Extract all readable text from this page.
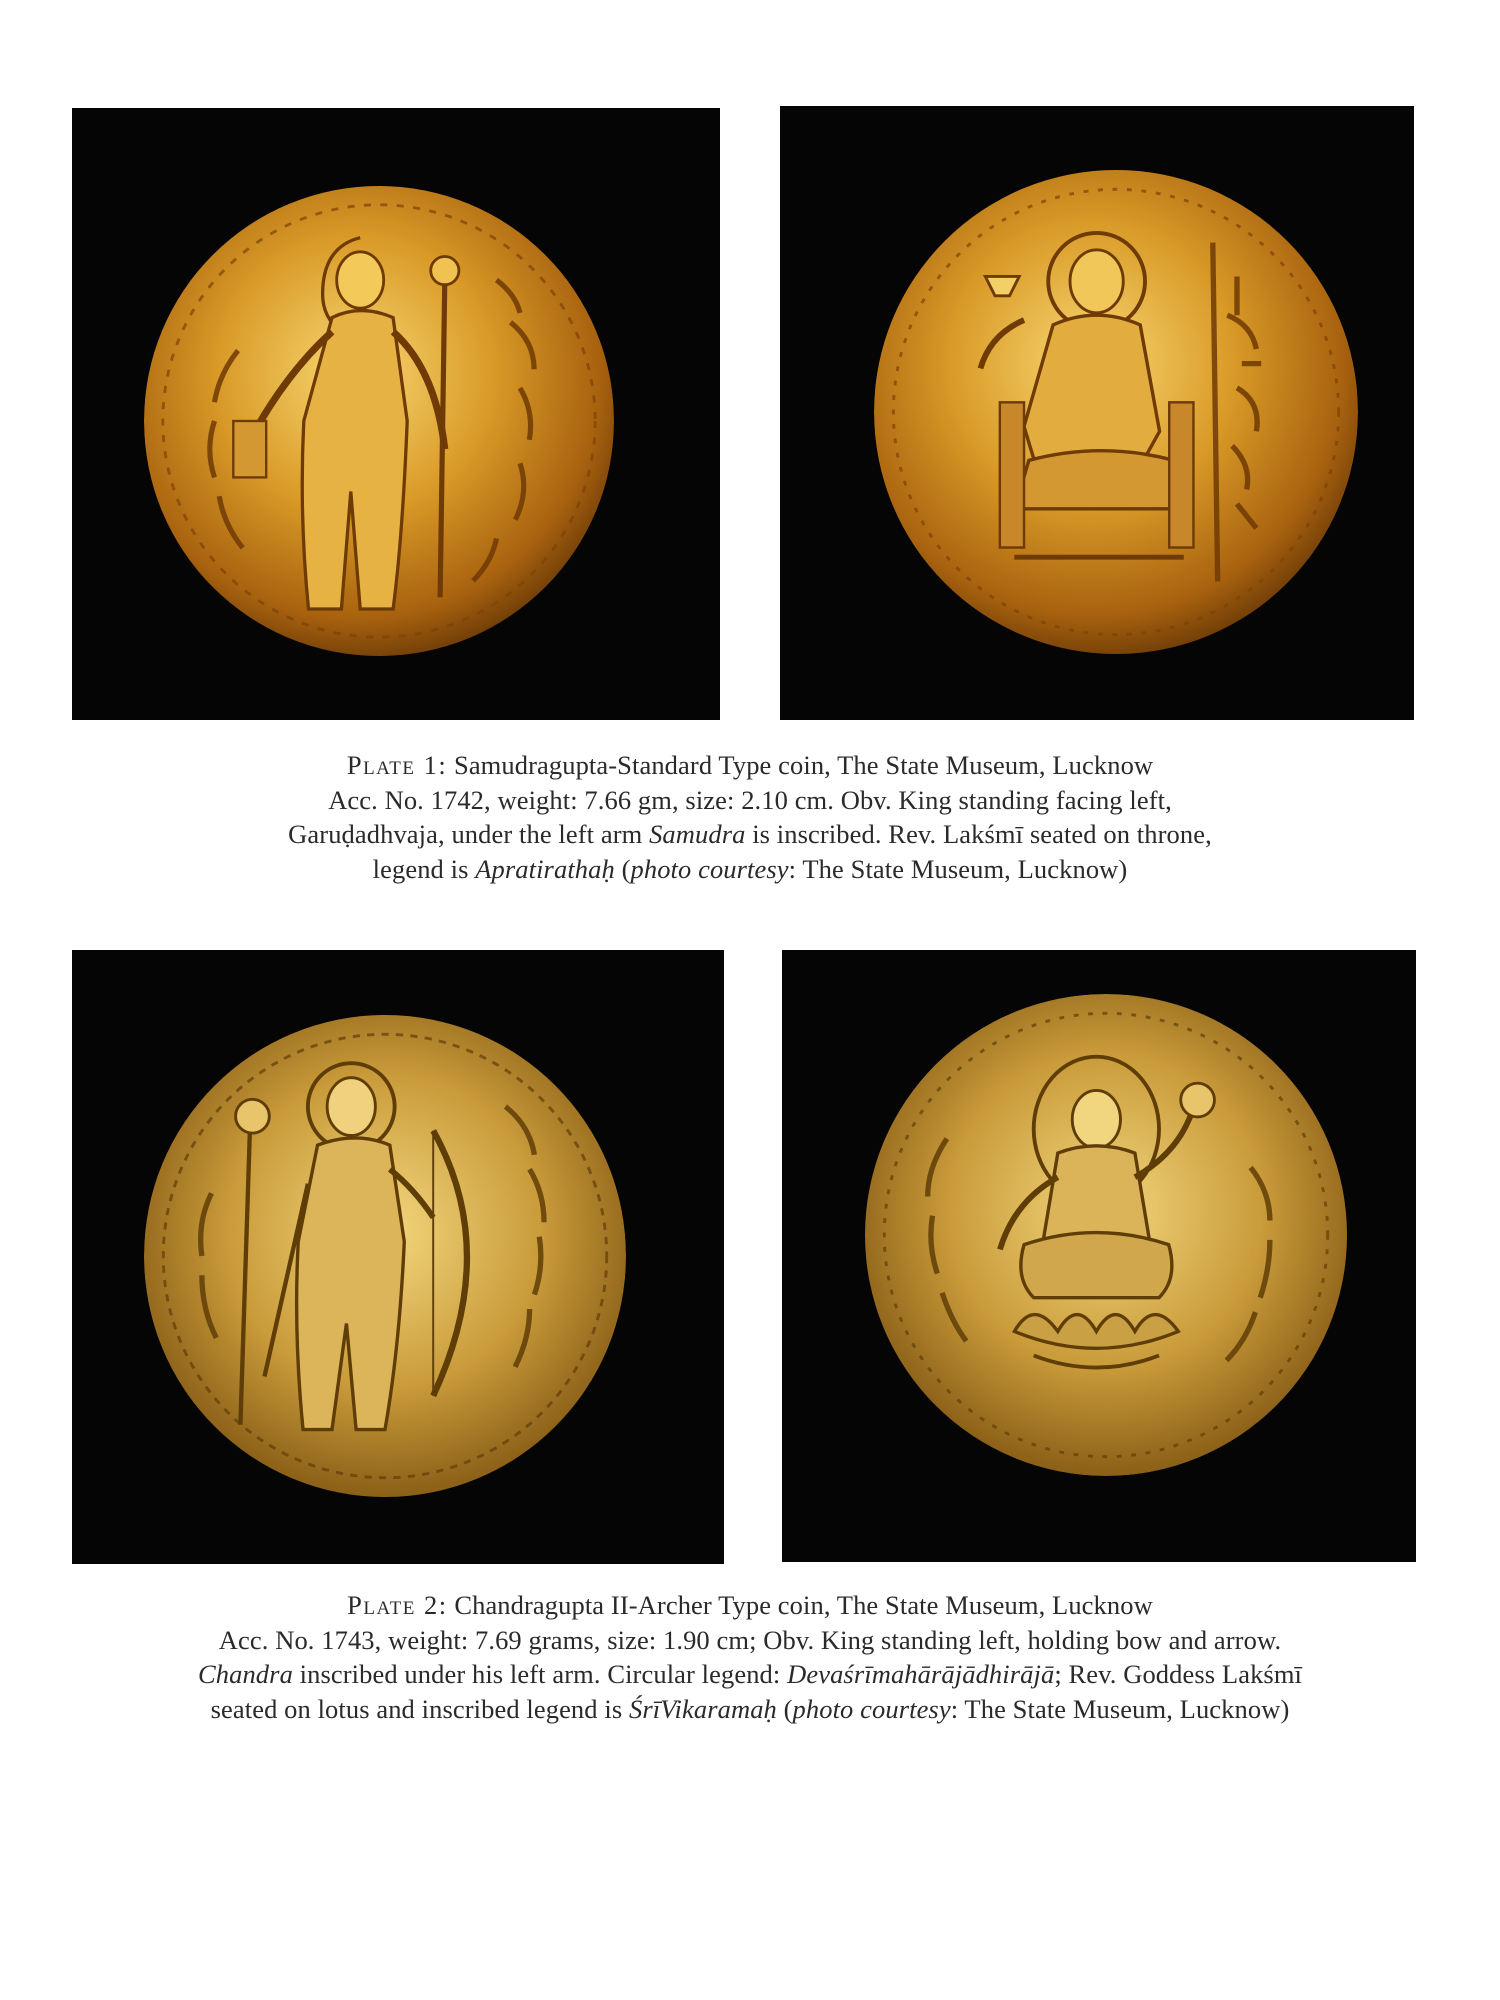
Plate 1: Samudragupta-Standard Type coin, The State Museum, Lucknow
Acc. No. 1742, weight: 7.66 gm, size: 2.10 cm. Obv. King standing facing left,
Garuḍadhvaja, under the left arm Samudra is inscribed. Rev. Lakśmī seated on throne,
legend is Apratirathaḥ (photo courtesy: The State Museum, Lucknow)
Plate 2: Chandragupta II-Archer Type coin, The State Museum, Lucknow
Acc. No. 1743, weight: 7.69 grams, size: 1.90 cm; Obv. King standing left, holding bow and arrow.
Chandra inscribed under his left arm. Circular legend: Devaśrīmahārājādhirājā; Rev. Goddess Lakśmī
seated on lotus and inscribed legend is ŚrīVikaramaḥ (photo courtesy: The State Museum, Lucknow)
